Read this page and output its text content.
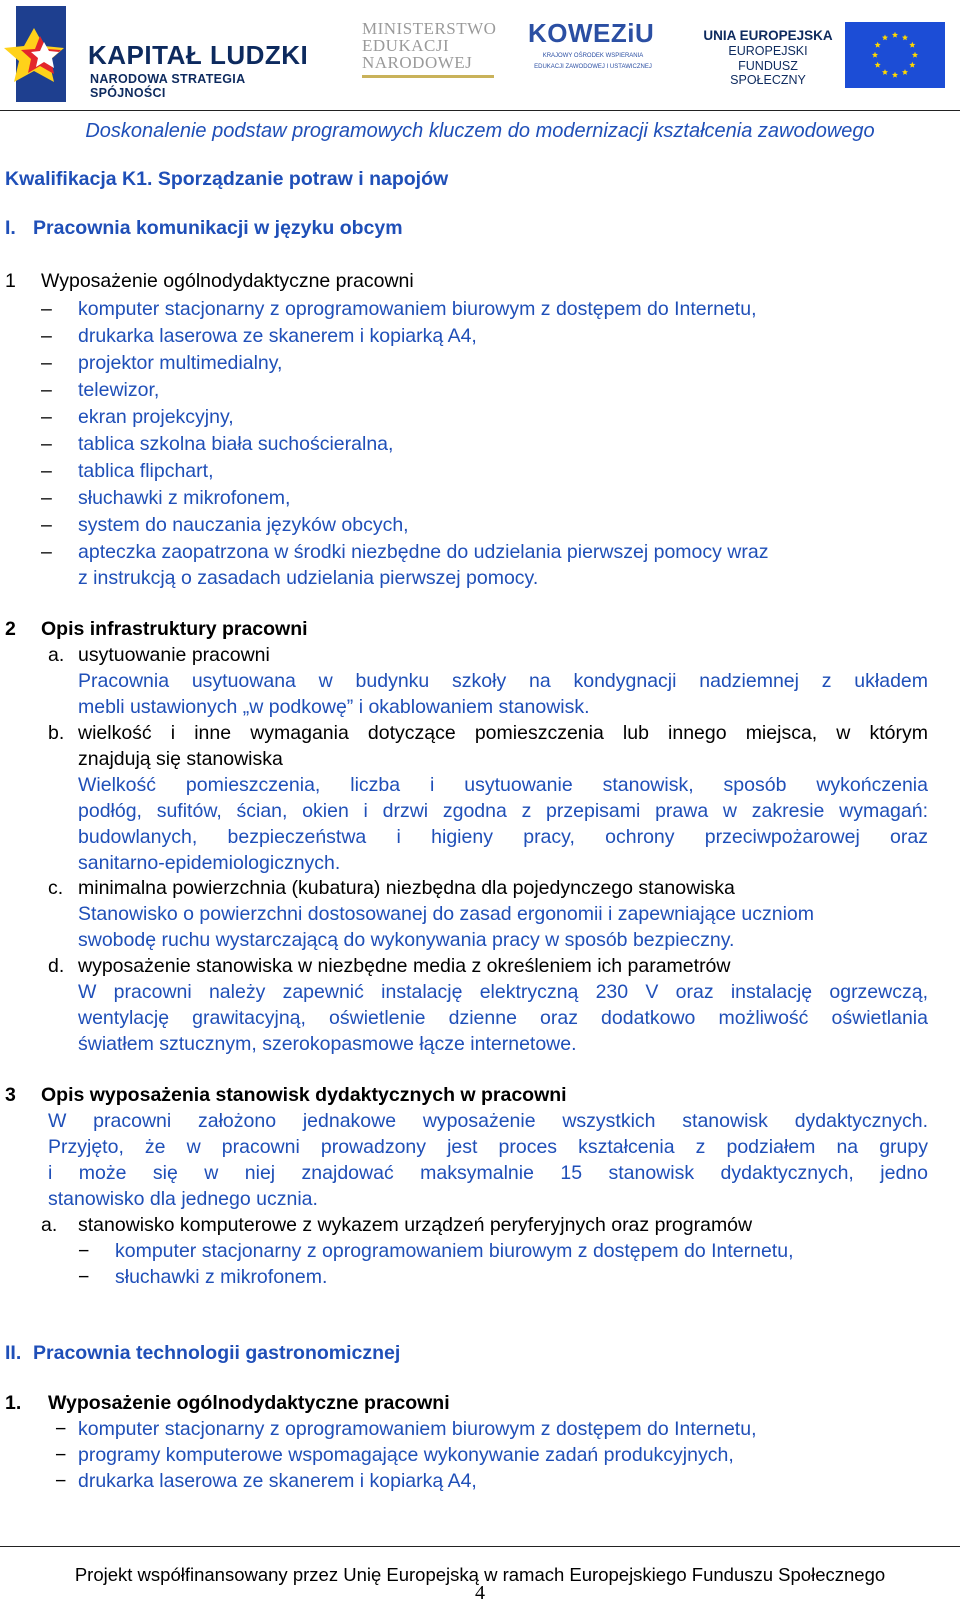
KAPITAŁ LUDZKI
NARODOWA STRATEGIA SPÓJNOŚCI
MINISTERSTWO
EDUKACJI
NARODOWEJ
KOWEZiU
KRAJOWY OŚRODEK WSPIERANIA
EDUKACJI ZAWODOWEJ I USTAWICZNEJ
UNIA EUROPEJSKA
EUROPEJSKI
FUNDUSZ SPOŁECZNY
Doskonalenie podstaw programowych kluczem do modernizacji kształcenia zawodowego
Kwalifikacja K1. Sporządzanie potraw i napojów
I. Pracownia komunikacji w języku obcym
1 Wyposażenie ogólnodydaktyczne pracowni
– komputer stacjonarny z oprogramowaniem biurowym z dostępem do Internetu,
– drukarka laserowa ze skanerem i kopiarką A4,
– projektor multimedialny,
– telewizor,
– ekran projekcyjny,
– tablica szkolna biała suchościeralna,
– tablica flipchart,
– słuchawki z mikrofonem,
– system do nauczania języków obcych,
– apteczka zaopatrzona w środki niezbędne do udzielania pierwszej pomocy wraz
z instrukcją o zasadach udzielania pierwszej pomocy.
2 Opis infrastruktury pracowni
a. usytuowanie pracowni
Pracownia usytuowana w budynku szkoły na kondygnacji nadziemnej z układem
mebli ustawionych „w podkowę” i okablowaniem stanowisk.
b. wielkość i inne wymagania dotyczące pomieszczenia lub innego miejsca, w którym
znajdują się stanowiska
Wielkość pomieszczenia, liczba i usytuowanie stanowisk, sposób wykończenia
podłóg, sufitów, ścian, okien i drzwi zgodna z przepisami prawa w zakresie wymagań:
budowlanych, bezpieczeństwa i higieny pracy, ochrony przeciwpożarowej oraz
sanitarno-epidemiologicznych.
c. minimalna powierzchnia (kubatura) niezbędna dla pojedynczego stanowiska
Stanowisko o powierzchni dostosowanej do zasad ergonomii i zapewniające uczniom
swobodę ruchu wystarczającą do wykonywania pracy w sposób bezpieczny.
d. wyposażenie stanowiska w niezbędne media z określeniem ich parametrów
W pracowni należy zapewnić instalację elektryczną 230 V oraz instalację ogrzewczą,
wentylację grawitacyjną, oświetlenie dzienne oraz dodatkowo możliwość oświetlania
światłem sztucznym, szerokopasmowe łącze internetowe.
3 Opis wyposażenia stanowisk dydaktycznych w pracowni
W pracowni założono jednakowe wyposażenie wszystkich stanowisk dydaktycznych.
Przyjęto, że w pracowni prowadzony jest proces kształcenia z podziałem na grupy
i może się w niej znajdować maksymalnie 15 stanowisk dydaktycznych, jedno
stanowisko dla jednego ucznia.
a. stanowisko komputerowe z wykazem urządzeń peryferyjnych oraz programów
− komputer stacjonarny z oprogramowaniem biurowym z dostępem do Internetu,
− słuchawki z mikrofonem.
II. Pracownia technologii gastronomicznej
1. Wyposażenie ogólnodydaktyczne pracowni
− komputer stacjonarny z oprogramowaniem biurowym z dostępem do Internetu,
− programy komputerowe wspomagające wykonywanie zadań produkcyjnych,
− drukarka laserowa ze skanerem i kopiarką A4,
Projekt współfinansowany przez Unię Europejską w ramach Europejskiego Funduszu Społecznego
4
